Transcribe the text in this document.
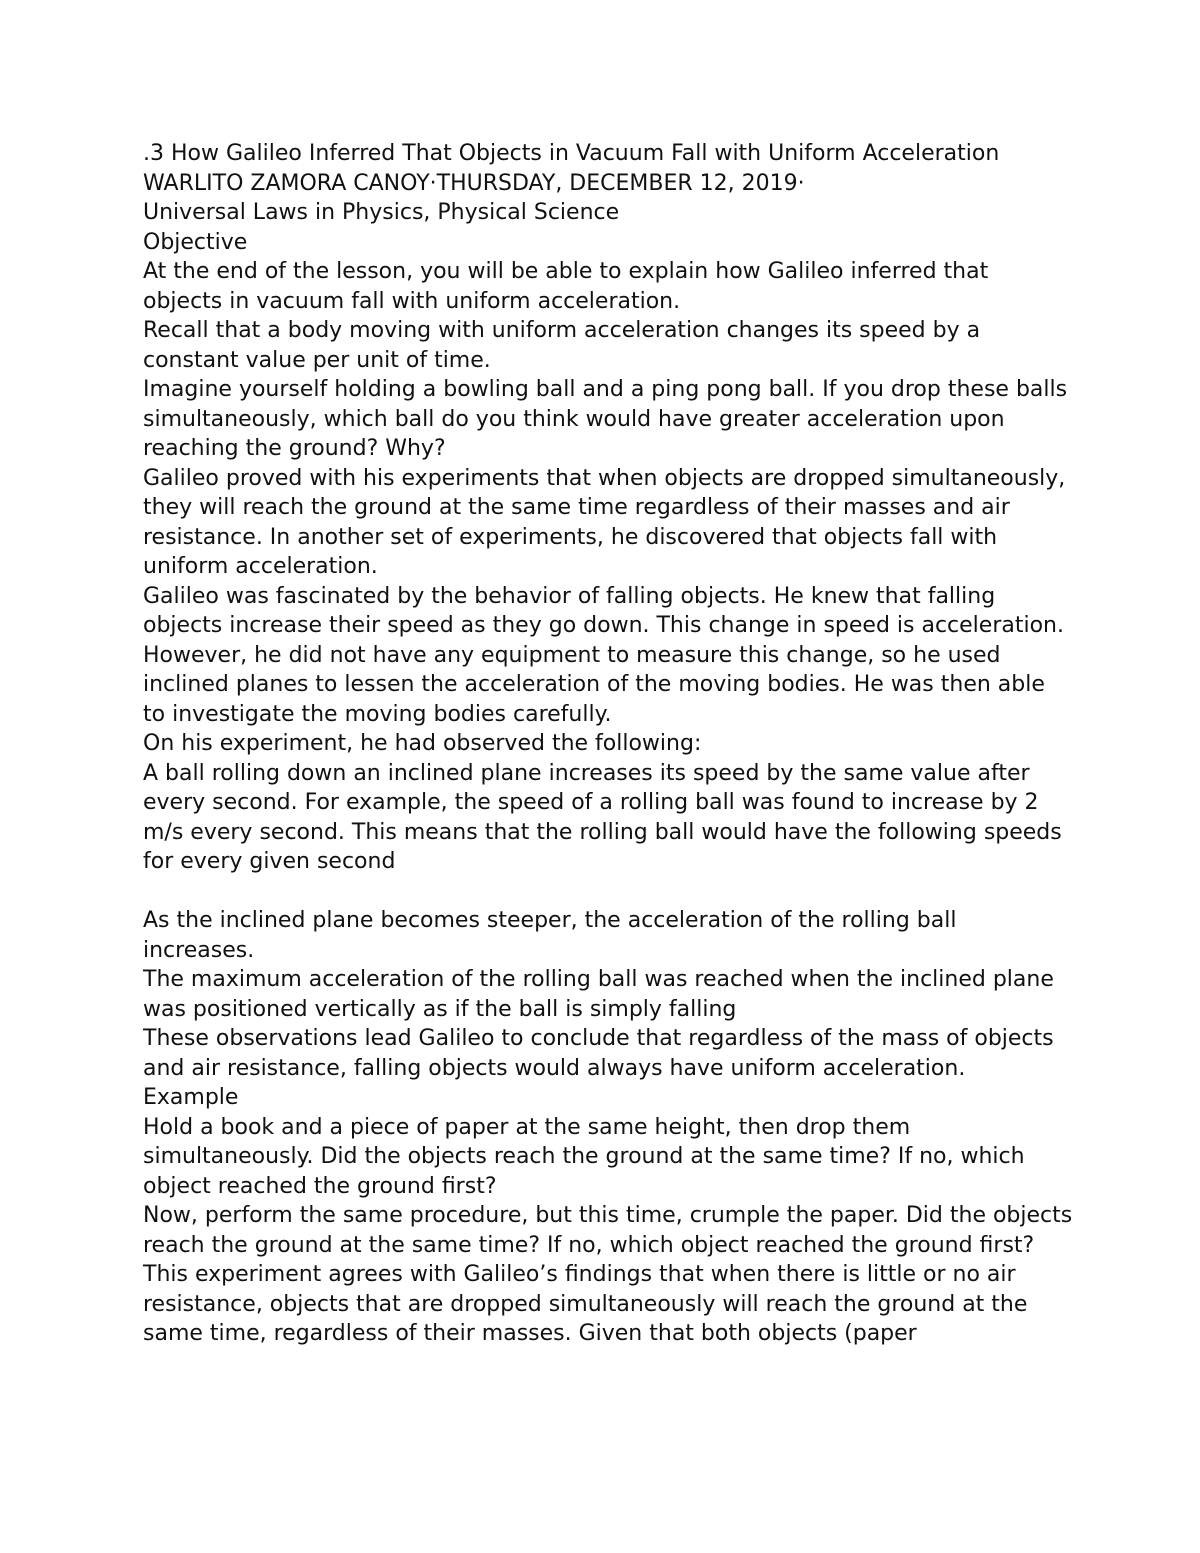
.3 How Galileo Inferred That Objects in Vacuum Fall with Uniform Acceleration

WARLITO ZAMORA CANOY·THURSDAY, DECEMBER 12, 2019·

Universal Laws in Physics, Physical Science

Objective

At the end of the lesson, you will be able to explain how Galileo inferred that objects in vacuum fall with uniform acceleration.

Recall that a body moving with uniform acceleration changes its speed by a constant value per unit of time.

Imagine yourself holding a bowling ball and a ping pong ball. If you drop these balls simultaneously, which ball do you think would have greater acceleration upon reaching the ground? Why?

Galileo proved with his experiments that when objects are dropped simultaneously, they will reach the ground at the same time regardless of their masses and air resistance. In another set of experiments, he discovered that objects fall with uniform acceleration.

Galileo was fascinated by the behavior of falling objects. He knew that falling objects increase their speed as they go down. This change in speed is acceleration. However, he did not have any equipment to measure this change, so he used inclined planes to lessen the acceleration of the moving bodies. He was then able to investigate the moving bodies carefully.

On his experiment, he had observed the following:

A ball rolling down an inclined plane increases its speed by the same value after every second. For example, the speed of a rolling ball was found to increase by 2 m/s every second. This means that the rolling ball would have the following speeds for every given second

As the inclined plane becomes steeper, the acceleration of the rolling ball increases.

The maximum acceleration of the rolling ball was reached when the inclined plane was positioned vertically as if the ball is simply falling

These observations lead Galileo to conclude that regardless of the mass of objects and air resistance, falling objects would always have uniform acceleration.

Example

Hold a book and a piece of paper at the same height, then drop them simultaneously. Did the objects reach the ground at the same time? If no, which object reached the ground first?

Now, perform the same procedure, but this time, crumple the paper. Did the objects reach the ground at the same time? If no, which object reached the ground first?

This experiment agrees with Galileo’s findings that when there is little or no air resistance, objects that are dropped simultaneously will reach the ground at the same time, regardless of their masses. Given that both objects (paper
